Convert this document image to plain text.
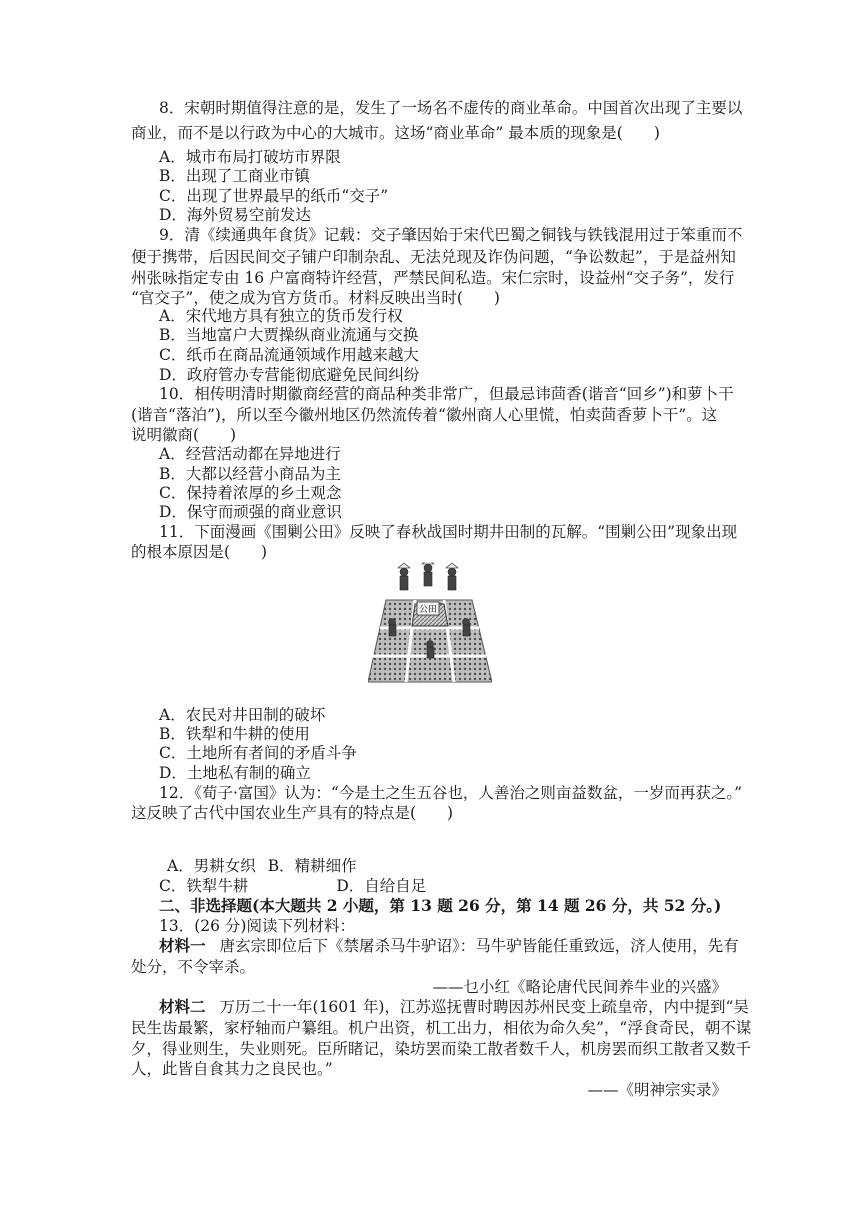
8．宋朝时期值得注意的是，发生了一场名不虚传的商业革命。中国首次出现了主要以
商业，而不是以行政为中心的大城市。这场“商业革命” 最本质的现象是(　　)
A．城市布局打破坊市界限
B．出现了工商业市镇
C．出现了世界最早的纸币“交子”
D．海外贸易空前发达
9．清《续通典年食货》记载：交子肇因始于宋代巴蜀之铜钱与铁钱混用过于笨重而不
便于携带，后因民间交子铺户印制杂乱、无法兑现及诈伪问题，“争讼数起”，于是益州知
州张咏指定专由 16 户富商特许经营，严禁民间私造。宋仁宗时，设益州“交子务”，发行
“官交子”，使之成为官方货币。材料反映出当时(　　)
A．宋代地方具有独立的货币发行权
B．当地富户大贾操纵商业流通与交换
C．纸币在商品流通领域作用越来越大
D．政府管办专营能彻底避免民间纠纷
10．相传明清时期徽商经营的商品种类非常广，但最忌讳茴香(谐音“回乡”)和萝卜干
(谐音“落泊”)，所以至今徽州地区仍然流传着“徽州商人心里慌，怕卖茴香萝卜干”。这
说明徽商(　　)
A．经营活动都在异地进行
B．大都以经营小商品为主
C．保持着浓厚的乡土观念
D．保守而顽强的商业意识
11．下面漫画《围剿公田》反映了春秋战国时期井田制的瓦解。“围剿公田”现象出现
的根本原因是(　　)
公田
A．农民对井田制的破坏
B．铁犁和牛耕的使用
C．土地所有者间的矛盾斗争
D．土地私有制的确立
12．《荀子·富国》认为：“今是土之生五谷也，人善治之则亩益数盆，一岁而再获之。”
这反映了古代中国农业生产具有的特点是(　　)
A．男耕女织 B．精耕细作
C．铁犁牛耕	D．自给自足
二、非选择题(本大题共 2 小题，第 13 题 26 分，第 14 题 26 分，共 52 分。)
13．(26 分)阅读下列材料：
材料一 唐玄宗即位后下《禁屠杀马牛驴诏》：马牛驴皆能任重致远，济人使用，先有
处分，不令宰杀。
——乜小红《略论唐代民间养牛业的兴盛》
材料二 万历二十一年(1601 年)，江苏巡抚曹时聘因苏州民变上疏皇帝，内中提到“吴
民生齿最繁，家杼轴而户纂组。机户出资，机工出力，相依为命久矣”，“浮食奇民，朝不谋
夕，得业则生，失业则死。臣所睹记，染坊罢而染工散者数千人，机房罢而织工散者又数千
人，此皆自食其力之良民也。”
——《明神宗实录》
